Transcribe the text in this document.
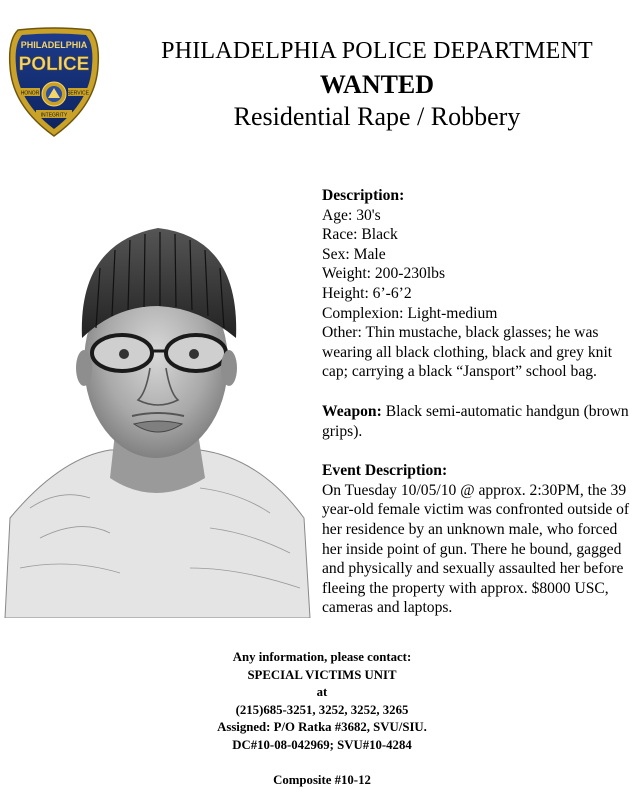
PHILADELPHIA
POLICE
HONOR	SERVICE
INTEGRITY
PHILADELPHIA POLICE DEPARTMENT
WANTED
Residential Rape / Robbery

Description:

Age: 30's

Race: Black

Sex: Male

Weight: 200-230lbs

Height: 6’-6’2

Complexion: Light-medium

Other: Thin mustache, black glasses; he was wearing all black clothing, black and grey knit cap; carrying a black “Jansport” school bag.

Weapon: Black semi-automatic handgun (brown grips).

Event Description:

On Tuesday 10/05/10 @ approx. 2:30PM, the 39 year-old female victim was confronted outside of her residence by an unknown male, who forced her inside point of gun. There he bound, gagged and physically and sexually assaulted her before fleeing the property with approx. $8000 USC, cameras and laptops.

Any information, please contact:
SPECIAL VICTIMS UNIT
at
(215)685-3251, 3252, 3252, 3265
Assigned: P/O Ratka #3682, SVU/SIU.
DC#10-08-042969; SVU#10-4284
Composite #10-12
